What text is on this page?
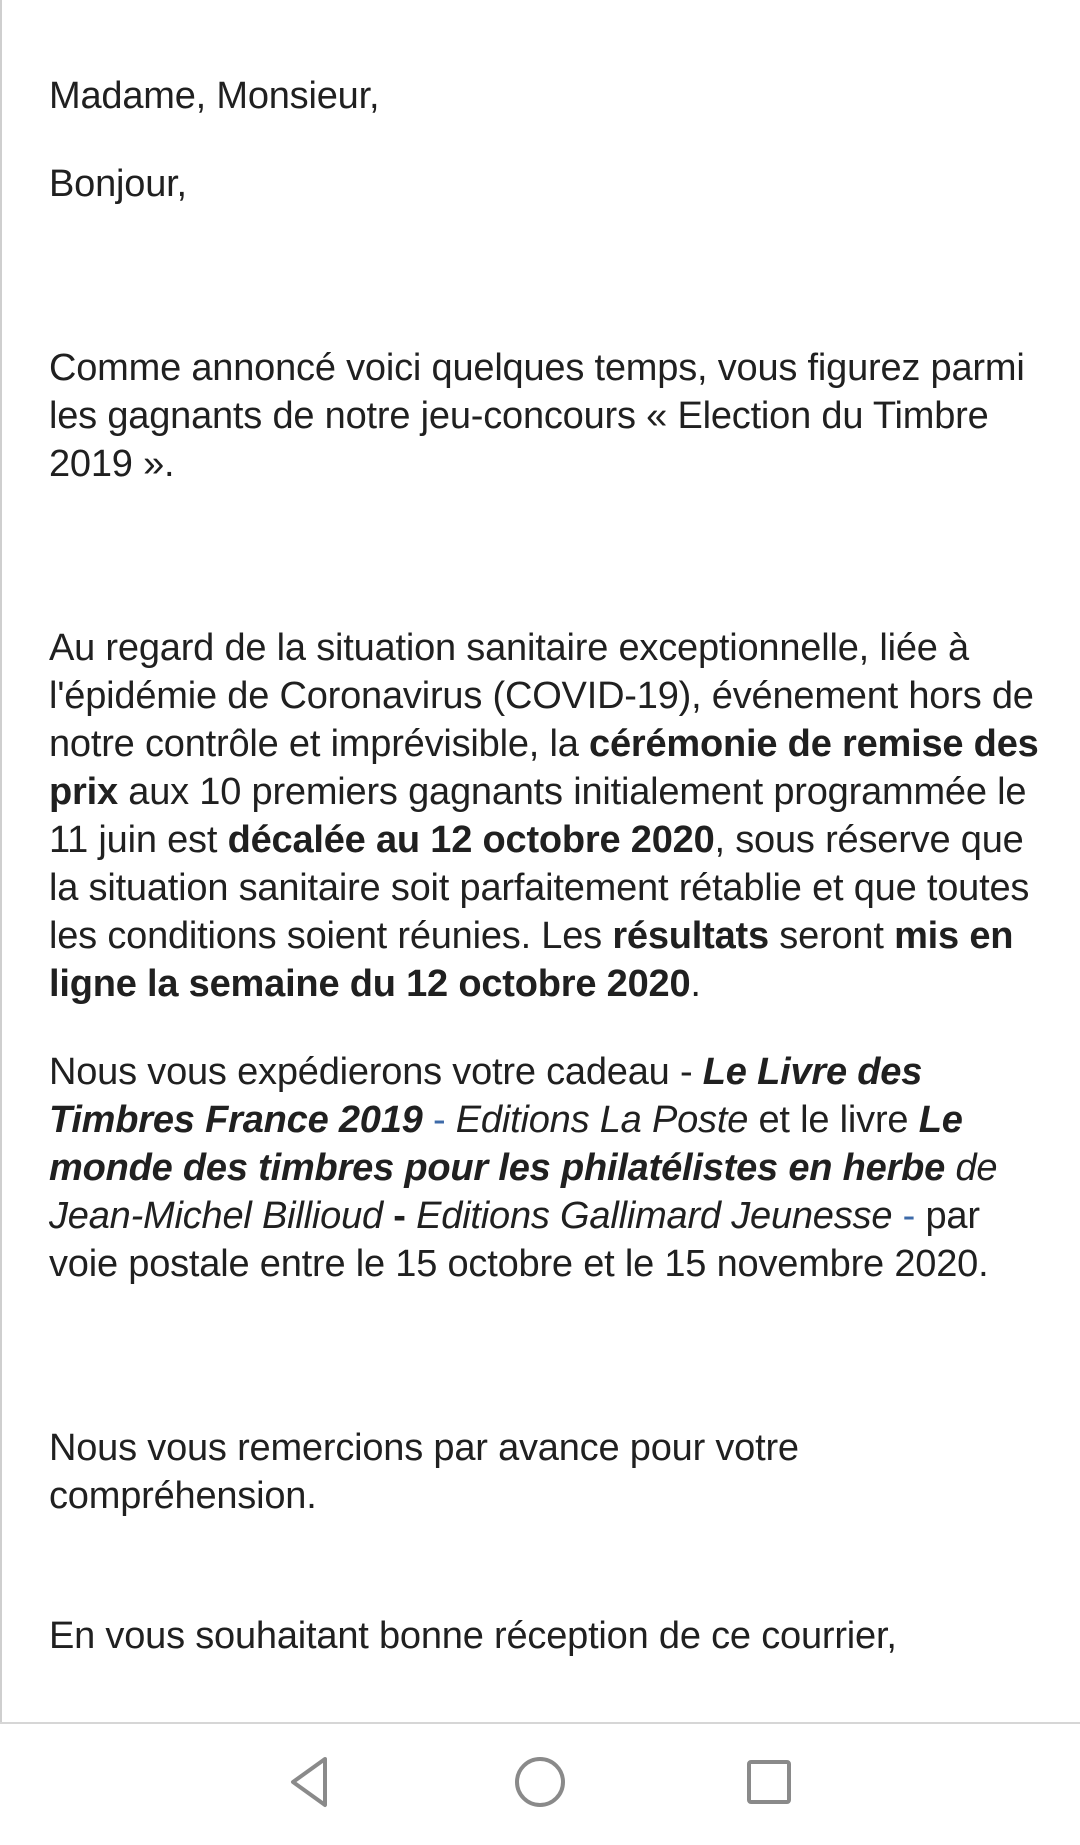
Madame, Monsieur,

Bonjour,

Comme annoncé voici quelques temps, vous figurez parmi les gagnants de notre jeu-concours « Election du Timbre 2019 ».

Au regard de la situation sanitaire exceptionnelle, liée à l'épidémie de Coronavirus (COVID-19), événement hors de notre contrôle et imprévisible, la cérémonie de remise des prix aux 10 premiers gagnants initialement programmée le 11 juin est décalée au 12 octobre 2020, sous réserve que la situation sanitaire soit parfaitement rétablie et que toutes les conditions soient réunies. Les résultats seront mis en ligne la semaine du 12 octobre 2020.

Nous vous expédierons votre cadeau - Le Livre des Timbres France 2019 - Editions La Poste et le livre Le monde des timbres pour les philatélistes en herbe de Jean-Michel Billioud - Editions Gallimard Jeunesse - par voie postale entre le 15 octobre et le 15 novembre 2020.

Nous vous remercions par avance pour votre compréhension.

En vous souhaitant bonne réception de ce courrier,
